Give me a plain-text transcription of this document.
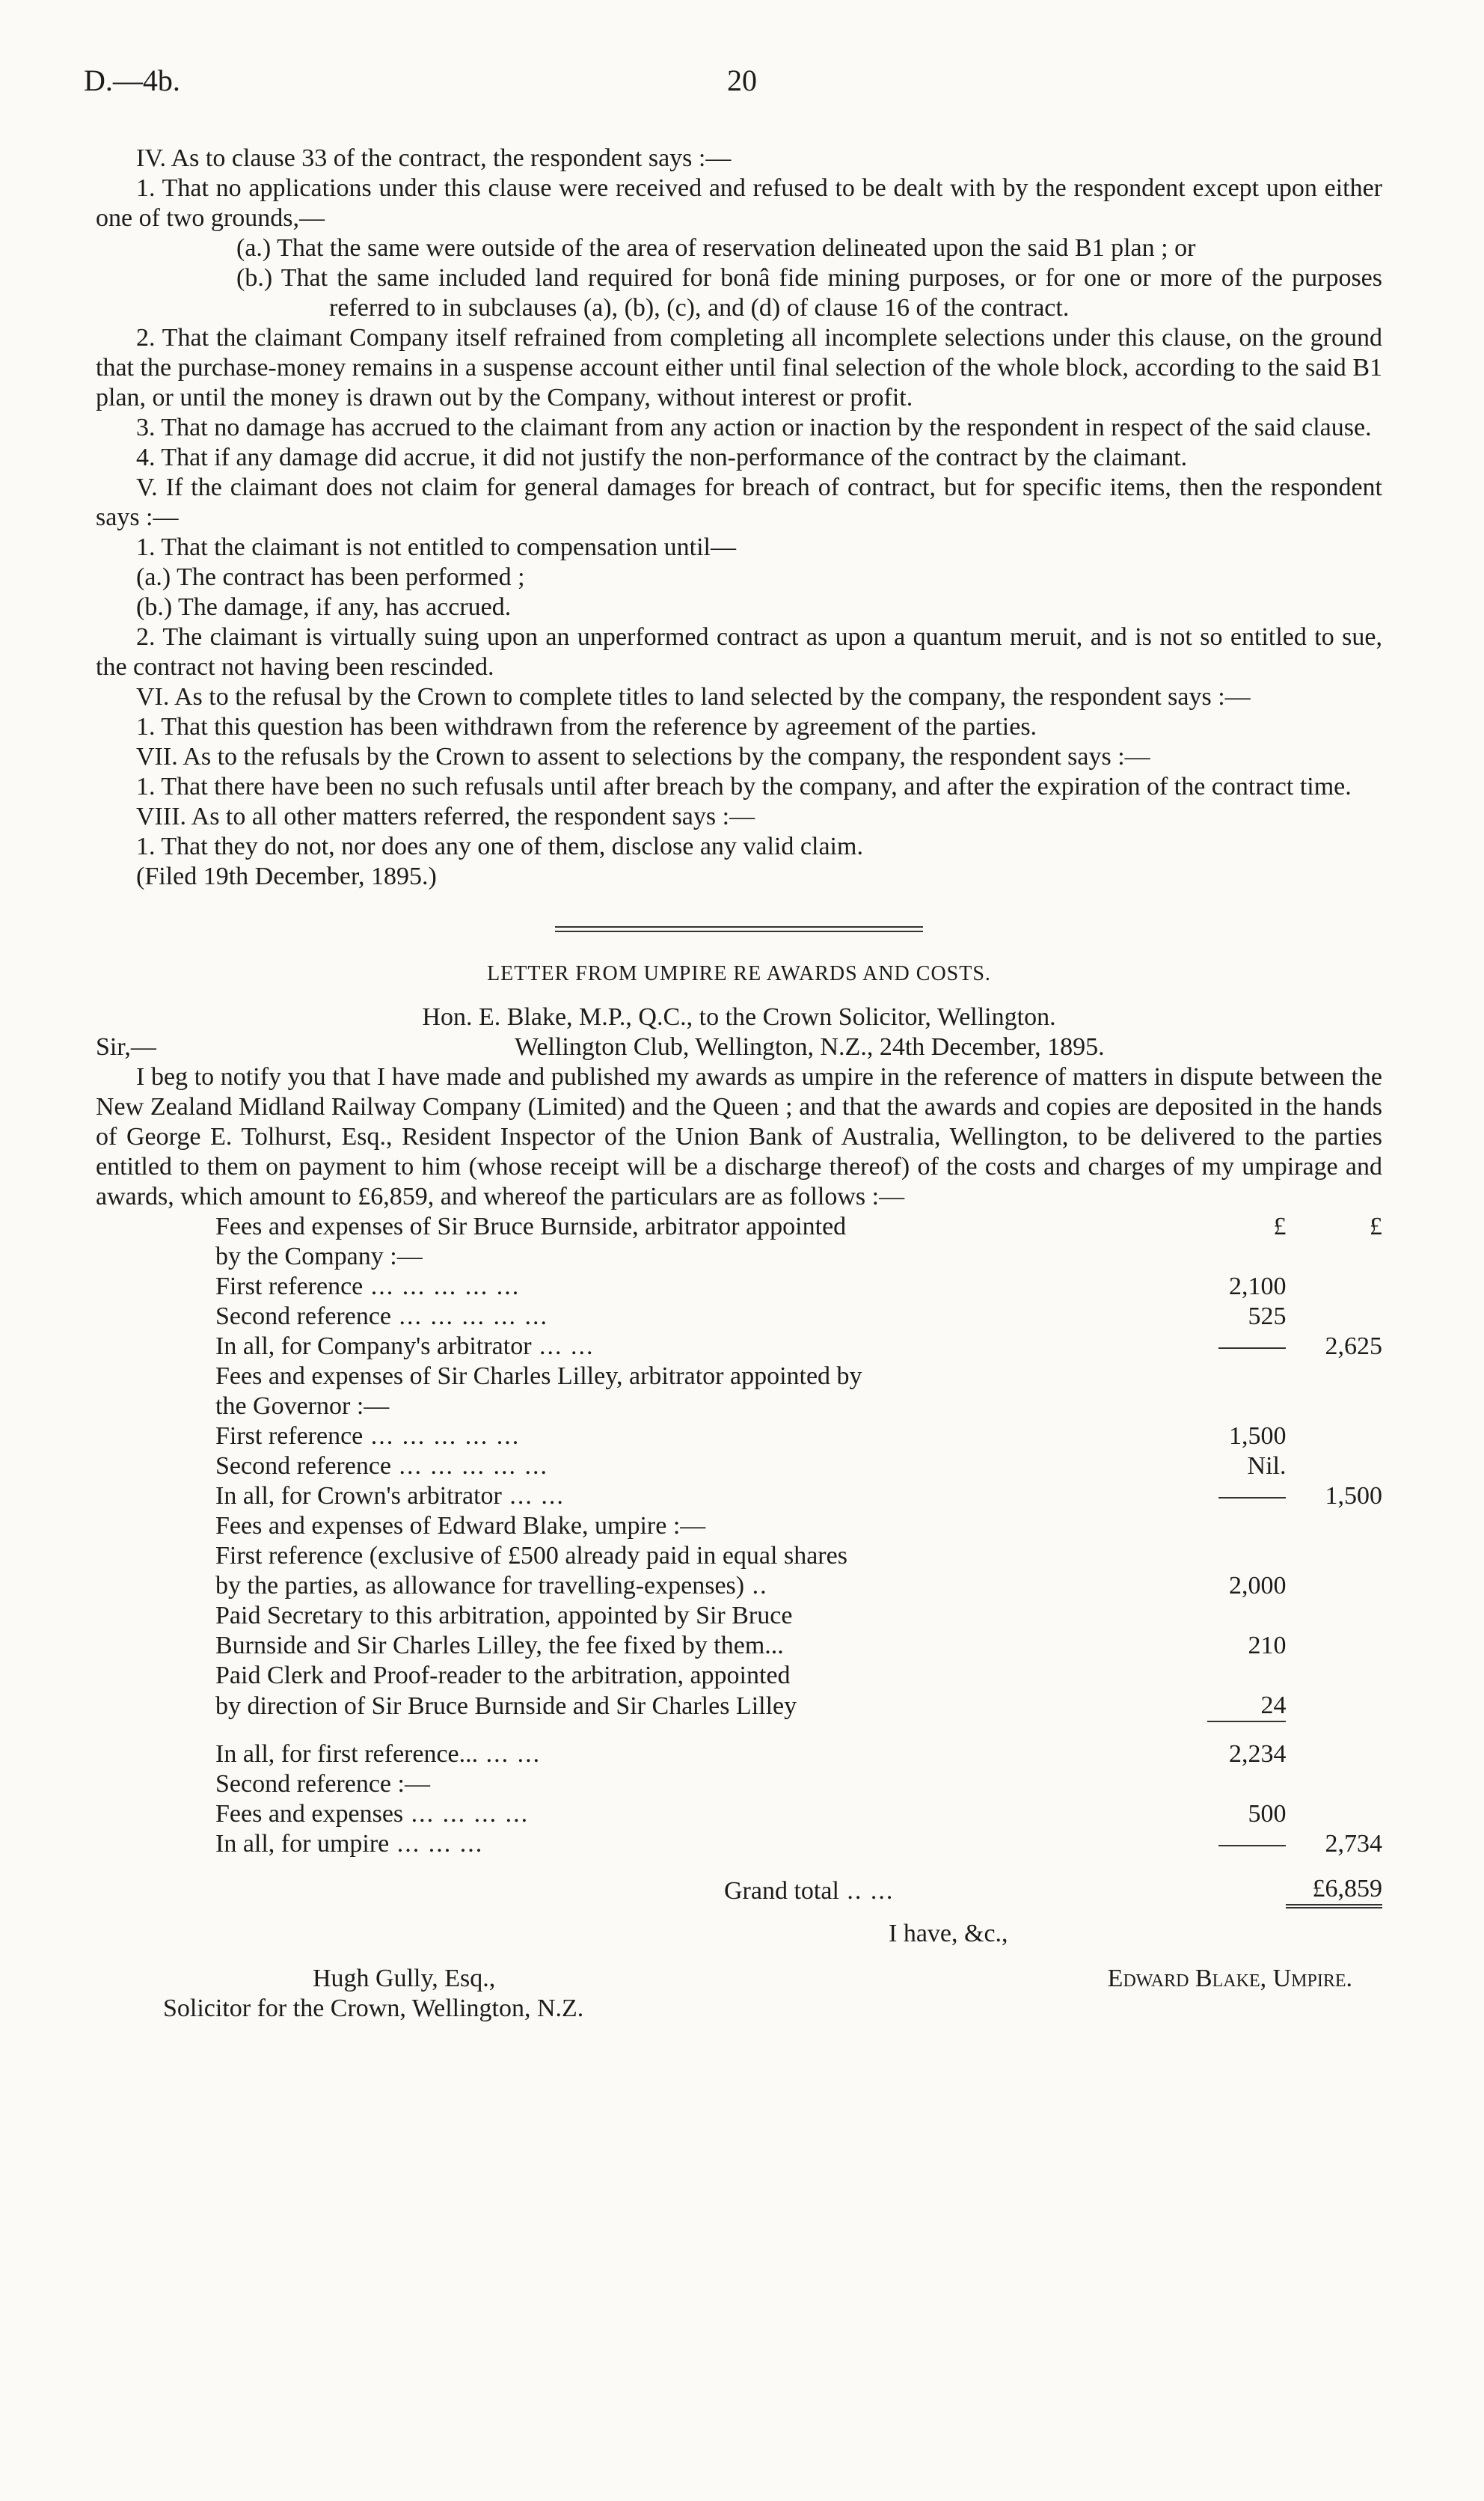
D.—4b.	20

IV. As to clause 33 of the contract, the respondent says :—

1. That no applications under this clause were received and refused to be dealt with by the respondent except upon either one of two grounds,—

(a.) That the same were outside of the area of reservation delineated upon the said B1 plan ; or

(b.) That the same included land required for bonâ fide mining purposes, or for one or more of the purposes referred to in subclauses (a), (b), (c), and (d) of clause 16 of the contract.

2. That the claimant Company itself refrained from completing all incomplete selections under this clause, on the ground that the purchase-money remains in a suspense account either until final selection of the whole block, according to the said B1 plan, or until the money is drawn out by the Company, without interest or profit.

3. That no damage has accrued to the claimant from any action or inaction by the respondent in respect of the said clause.

4. That if any damage did accrue, it did not justify the non-performance of the contract by the claimant.

V. If the claimant does not claim for general damages for breach of contract, but for specific items, then the respondent says :—

1. That the claimant is not entitled to compensation until—

(a.) The contract has been performed ;

(b.) The damage, if any, has accrued.

2. The claimant is virtually suing upon an unperformed contract as upon a quantum meruit, and is not so entitled to sue, the contract not having been rescinded.

VI. As to the refusal by the Crown to complete titles to land selected by the company, the respondent says :—

1. That this question has been withdrawn from the reference by agreement of the parties.

VII. As to the refusals by the Crown to assent to selections by the company, the respondent says :—

1. That there have been no such refusals until after breach by the company, and after the expiration of the contract time.

VIII. As to all other matters referred, the respondent says :—

1. That they do not, nor does any one of them, disclose any valid claim.

(Filed 19th December, 1895.)

LETTER FROM UMPIRE RE AWARDS AND COSTS.

Hon. E. Blake, M.P., Q.C., to the Crown Solicitor, Wellington.

Sir,—	Wellington Club, Wellington, N.Z., 24th December, 1895.

I beg to notify you that I have made and published my awards as umpire in the reference of matters in dispute between the New Zealand Midland Railway Company (Limited) and the Queen ; and that the awards and copies are deposited in the hands of George E. Tolhurst, Esq., Resident Inspector of the Union Bank of Australia, Wellington, to be delivered to the parties entitled to them on payment to him (whose receipt will be a discharge thereof) of the costs and charges of my umpirage and awards, which amount to £6,859, and whereof the particulars are as follows :—

Fees and expenses of Sir Bruce Burnside, arbitrator appointed	£	£
by the Company :—		
First reference ... ... ... ... ...	2,100	
Second reference ... ... ... ... ...	525	
In all, for Company's arbitrator ... ...		2,625
Fees and expenses of Sir Charles Lilley, arbitrator appointed by		
the Governor :—		
First reference ... ... ... ... ...	1,500	
Second reference ... ... ... ... ...	Nil.	
In all, for Crown's arbitrator ... ...		1,500
Fees and expenses of Edward Blake, umpire :—		
First reference (exclusive of £500 already paid in equal shares		
by the parties, as allowance for travelling-expenses) ..	2,000	
Paid Secretary to this arbitration, appointed by Sir Bruce		
Burnside and Sir Charles Lilley, the fee fixed by them...	210	
Paid Clerk and Proof-reader to the arbitration, appointed		
by direction of Sir Bruce Burnside and Sir Charles Lilley	24	

In all, for first reference... ... ...	2,234	
Second reference :—		
Fees and expenses ... ... ... ...	500	
In all, for umpire ... ... ...		2,734

Grand total .. ...		£6,859
I have, &c.,
Hugh Gully, Esq.,	Edward Blake, Umpire.
Solicitor for the Crown, Wellington, N.Z.
